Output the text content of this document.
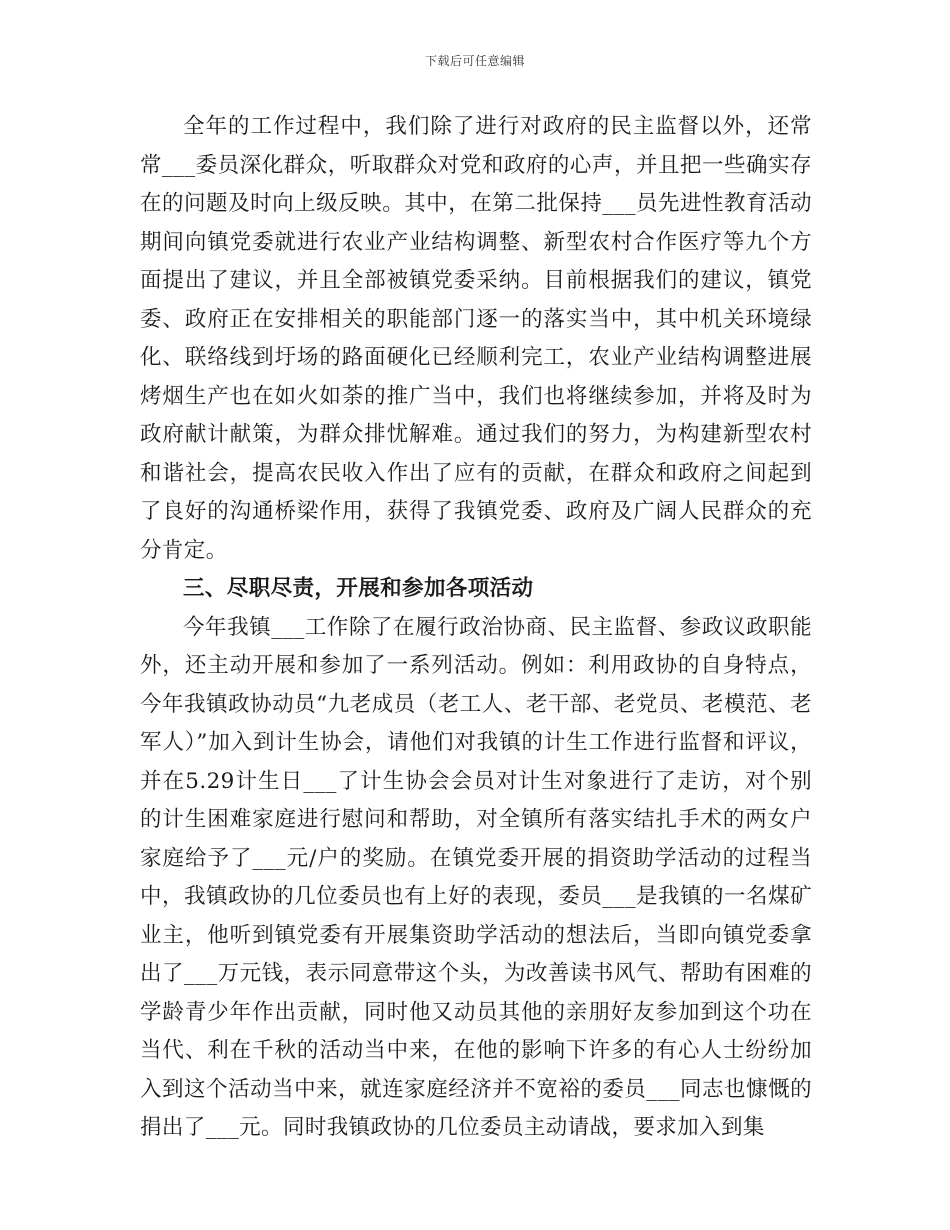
下载后可任意编辑

全年的工作过程中，我们除了进行对政府的民主监督以外，还常常___委员深化群众，听取群众对党和政府的心声，并且把一些确实存在的问题及时向上级反映。其中，在第二批保持___员先进性教育活动期间向镇党委就进行农业产业结构调整、新型农村合作医疗等九个方面提出了建议，并且全部被镇党委采纳。目前根据我们的建议，镇党委、政府正在安排相关的职能部门逐一的落实当中，其中机关环境绿化、联络线到圩场的路面硬化已经顺利完工，农业产业结构调整进展烤烟生产也在如火如荼的推广当中，我们也将继续参加，并将及时为政府献计献策，为群众排忧解难。通过我们的努力，为构建新型农村和谐社会，提高农民收入作出了应有的贡献，在群众和政府之间起到了良好的沟通桥梁作用，获得了我镇党委、政府及广阔人民群众的充分肯定。

三、尽职尽责，开展和参加各项活动

今年我镇___工作除了在履行政治协商、民主监督、参政议政职能外，还主动开展和参加了一系列活动。例如：利用政协的自身特点，今年我镇政协动员“九老成员（老工人、老干部、老党员、老模范、老军人）”加入到计生协会，请他们对我镇的计生工作进行监督和评议，并在5.29计生日___了计生协会会员对计生对象进行了走访，对个别的计生困难家庭进行慰问和帮助，对全镇所有落实结扎手术的两女户家庭给予了___元/户的奖励。在镇党委开展的捐资助学活动的过程当中，我镇政协的几位委员也有上好的表现，委员___是我镇的一名煤矿业主，他听到镇党委有开展集资助学活动的想法后，当即向镇党委拿出了___万元钱，表示同意带这个头，为改善读书风气、帮助有困难的学龄青少年作出贡献，同时他又动员其他的亲朋好友参加到这个功在当代、利在千秋的活动当中来，在他的影响下许多的有心人士纷纷加入到这个活动当中来，就连家庭经济并不宽裕的委员___同志也慷慨的捐出了___元。同时我镇政协的几位委员主动请战，要求加入到集
